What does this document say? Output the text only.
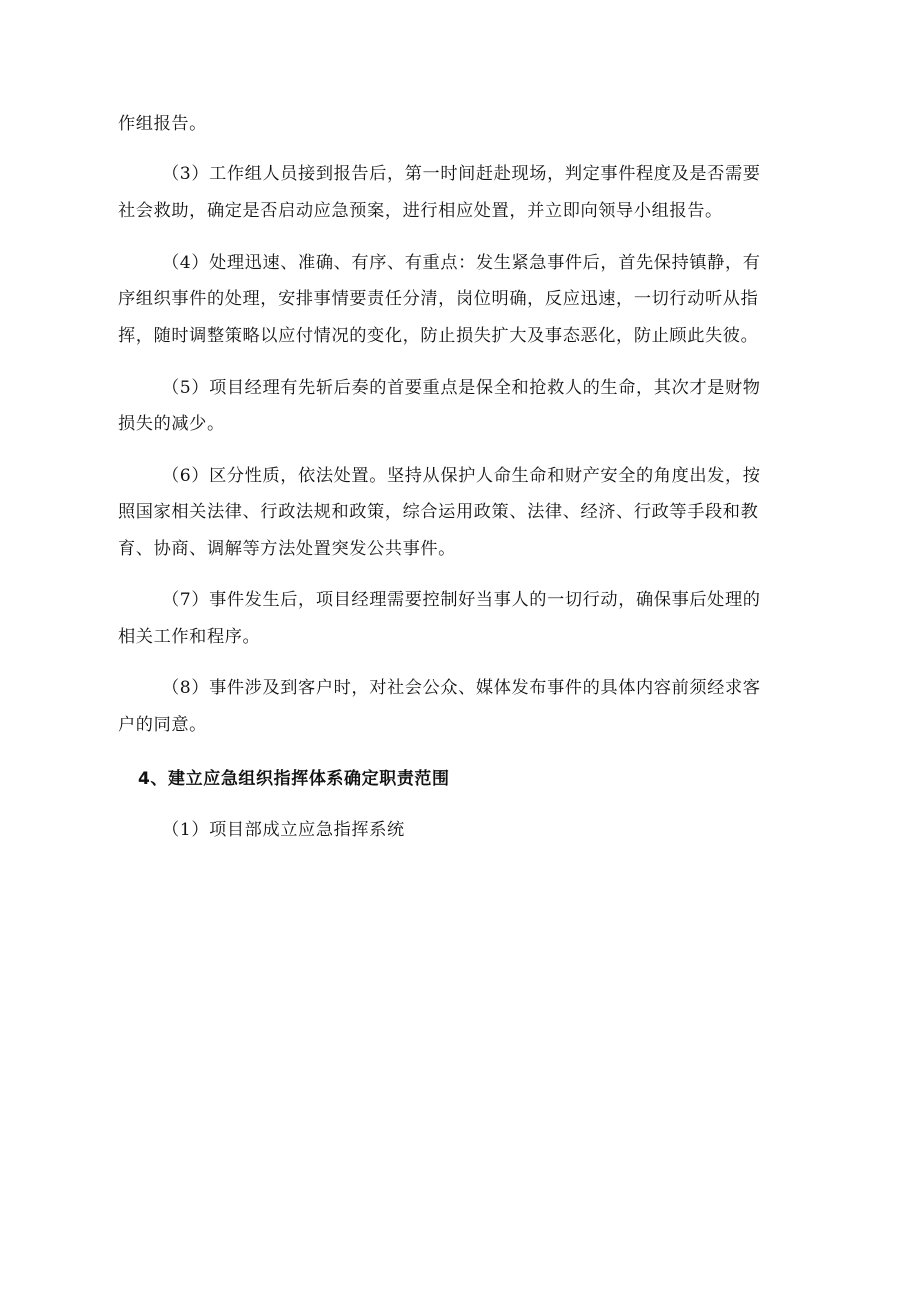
作组报告。
（3）工作组人员接到报告后，第一时间赶赴现场，判定事件程度及是否需要
社会救助，确定是否启动应急预案，进行相应处置，并立即向领导小组报告。
（4）处理迅速、准确、有序、有重点：发生紧急事件后，首先保持镇静，有
序组织事件的处理，安排事情要责任分清，岗位明确，反应迅速，一切行动听从指
挥，随时调整策略以应付情况的变化，防止损失扩大及事态恶化，防止顾此失彼。
（5）项目经理有先斩后奏的首要重点是保全和抢救人的生命，其次才是财物
损失的减少。
（6）区分性质，依法处置。坚持从保护人命生命和财产安全的角度出发，按
照国家相关法律、行政法规和政策，综合运用政策、法律、经济、行政等手段和教
育、协商、调解等方法处置突发公共事件。
（7）事件发生后，项目经理需要控制好当事人的一切行动，确保事后处理的
相关工作和程序。
（8）事件涉及到客户时，对社会公众、媒体发布事件的具体内容前须经求客
户的同意。
4、建立应急组织指挥体系确定职责范围
（1）项目部成立应急指挥系统
